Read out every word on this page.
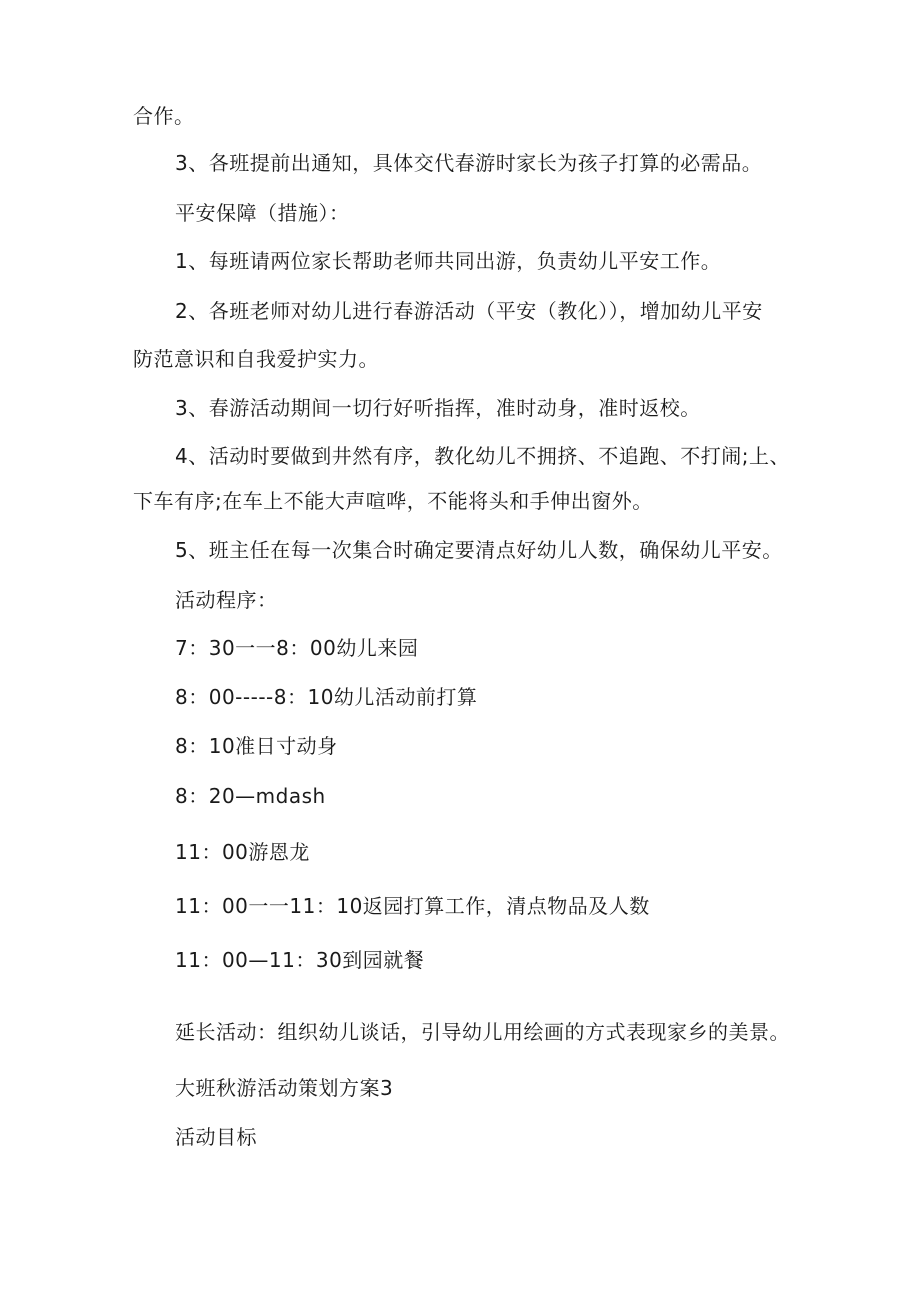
合作。
3、各班提前出通知，具体交代春游时家长为孩子打算的必需品。
平安保障（措施）：
1、每班请两位家长帮助老师共同出游，负责幼儿平安工作。
2、各班老师对幼儿进行春游活动（平安（教化）），增加幼儿平安
防范意识和自我爱护实力。
3、春游活动期间一切行好听指挥，准时动身，准时返校。
4、活动时要做到井然有序，教化幼儿不拥挤、不追跑、不打闹;上、
下车有序;在车上不能大声喧哗，不能将头和手伸出窗外。
5、班主任在每一次集合时确定要清点好幼儿人数，确保幼儿平安。
活动程序：
7：30一一8：00幼儿来园
8：00-----8：10幼儿活动前打算
8：10准日寸动身
8：20—mdash
11：00游恩龙
11：00一一11：10返园打算工作，清点物品及人数
11：00—11：30到园就餐
延长活动：组织幼儿谈话，引导幼儿用绘画的方式表现家乡的美景。
大班秋游活动策划方案3
活动目标
